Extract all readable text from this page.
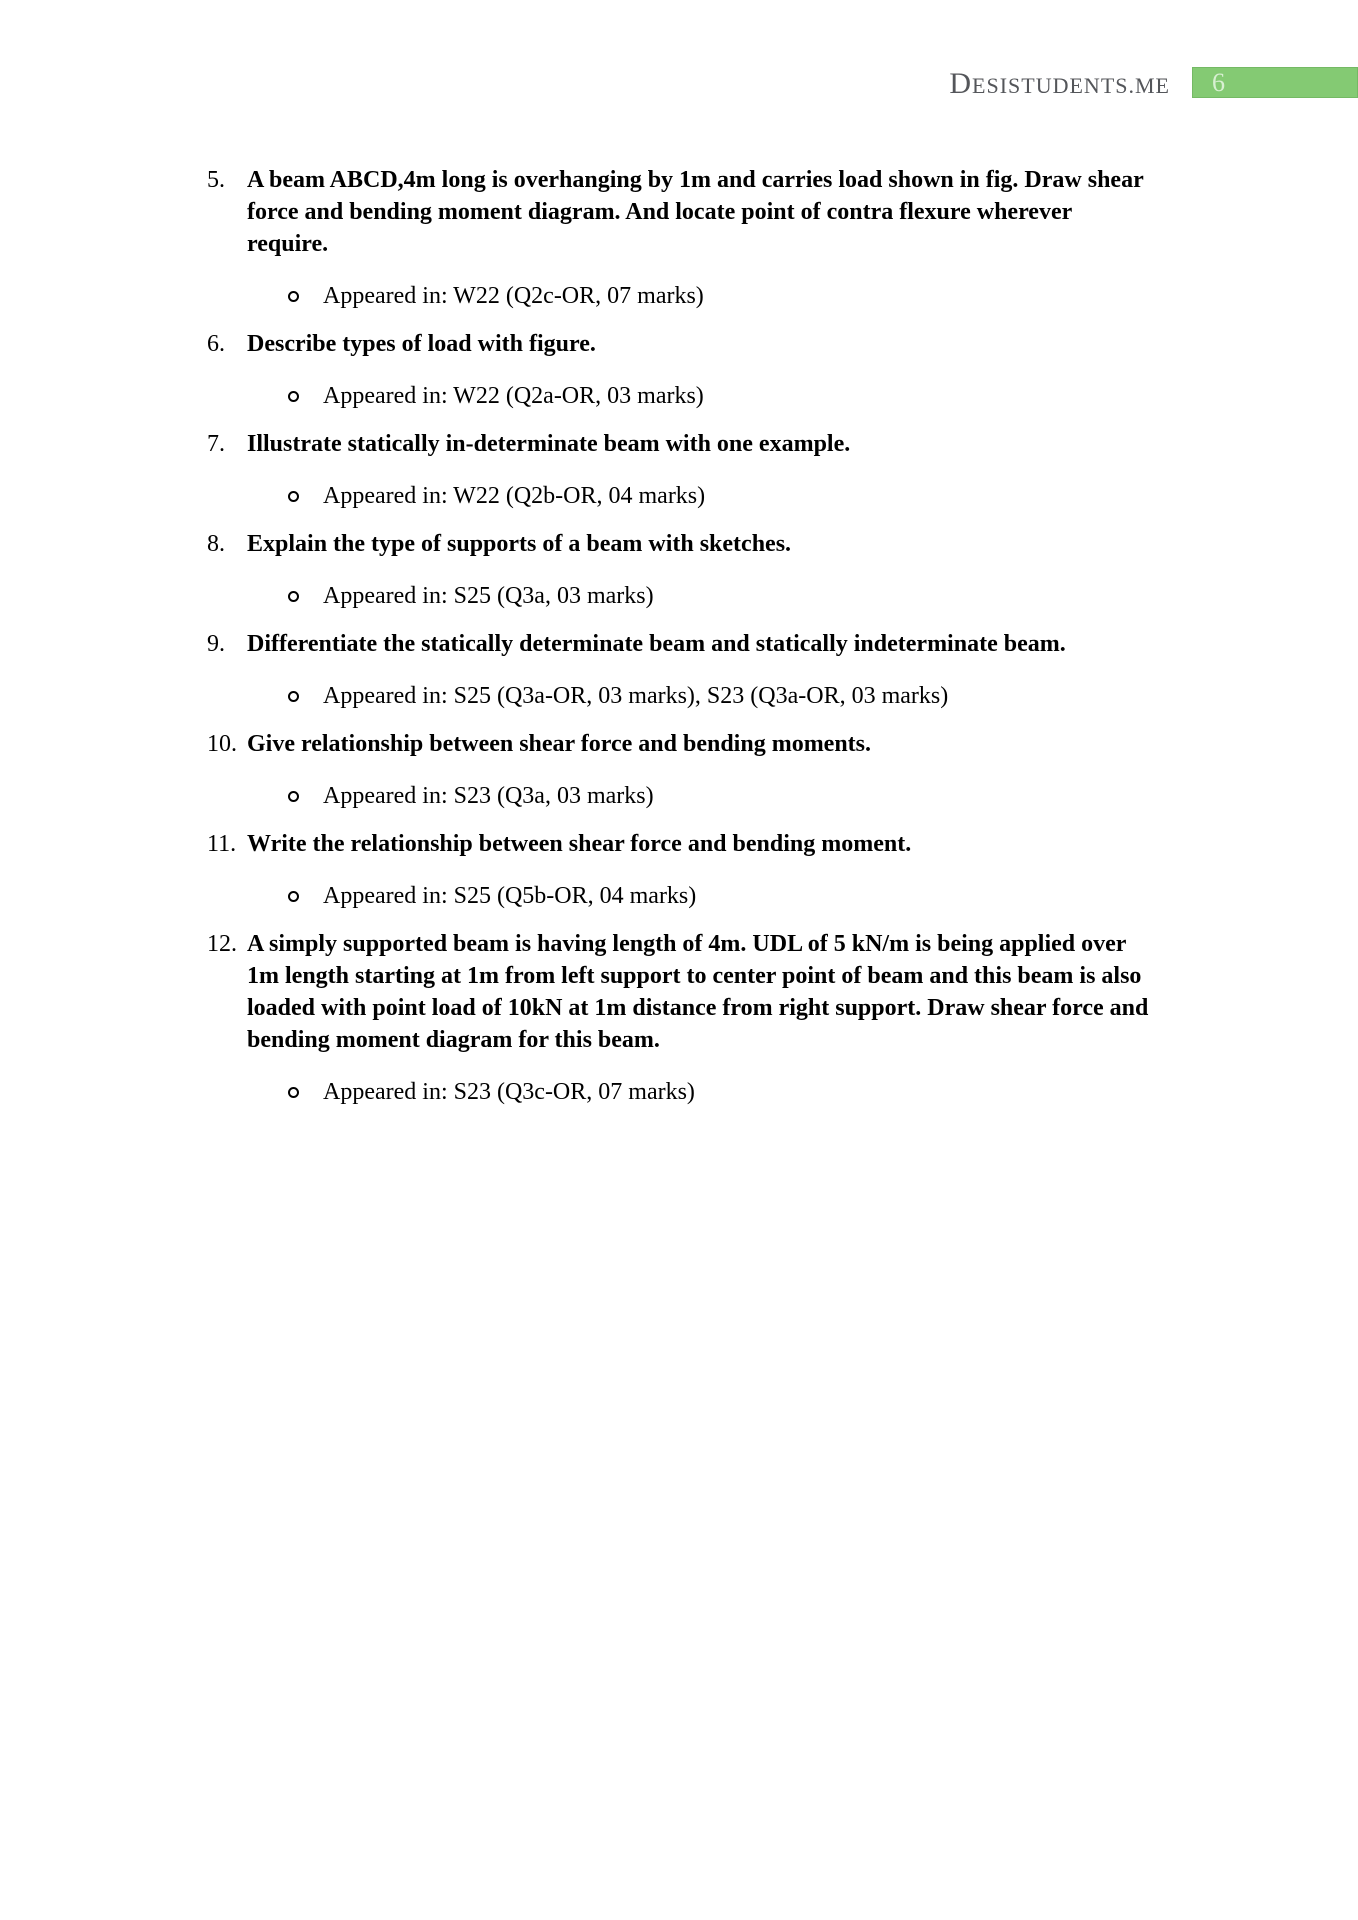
DESISTUDENTS.ME	6
5. A beam ABCD,4m long is overhanging by 1m and carries load shown in fig. Draw shear
force and bending moment diagram. And locate point of contra flexure wherever
require.
Appeared in: W22 (Q2c-OR, 07 marks)
6. Describe types of load with figure.
Appeared in: W22 (Q2a-OR, 03 marks)
7. Illustrate statically in-determinate beam with one example.
Appeared in: W22 (Q2b-OR, 04 marks)
8. Explain the type of supports of a beam with sketches.
Appeared in: S25 (Q3a, 03 marks)
9. Differentiate the statically determinate beam and statically indeterminate beam.
Appeared in: S25 (Q3a-OR, 03 marks), S23 (Q3a-OR, 03 marks)
10. Give relationship between shear force and bending moments.
Appeared in: S23 (Q3a, 03 marks)
11. Write the relationship between shear force and bending moment.
Appeared in: S25 (Q5b-OR, 04 marks)
12. A simply supported beam is having length of 4m. UDL of 5 kN/m is being applied over
1m length starting at 1m from left support to center point of beam and this beam is also
loaded with point load of 10kN at 1m distance from right support. Draw shear force and
bending moment diagram for this beam.
Appeared in: S23 (Q3c-OR, 07 marks)
